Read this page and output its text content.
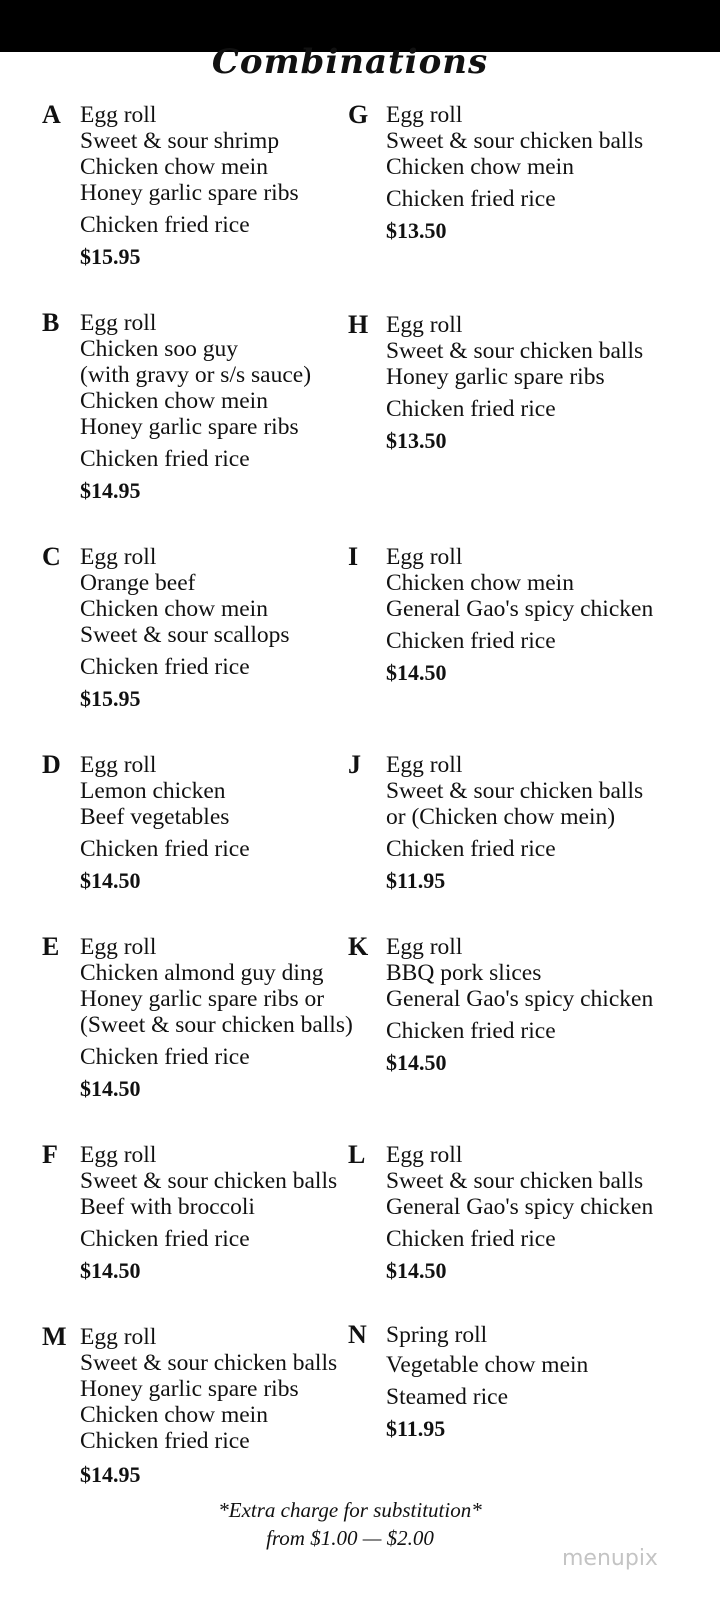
Combinations
A Egg roll
Sweet & sour shrimp
Chicken chow mein
Honey garlic spare ribs
Chicken fried rice
$15.95
B Egg roll
Chicken soo guy
(with gravy or s/s sauce)
Chicken chow mein
Honey garlic spare ribs
Chicken fried rice
$14.95
C Egg roll
Orange beef
Chicken chow mein
Sweet & sour scallops
Chicken fried rice
$15.95
D Egg roll
Lemon chicken
Beef vegetables
Chicken fried rice
$14.50
E Egg roll
Chicken almond guy ding
Honey garlic spare ribs or
(Sweet & sour chicken balls)
Chicken fried rice
$14.50
F Egg roll
Sweet & sour chicken balls
Beef with broccoli
Chicken fried rice
$14.50
M Egg roll
Sweet & sour chicken balls
Honey garlic spare ribs
Chicken chow mein
Chicken fried rice
$14.95
G Egg roll
Sweet & sour chicken balls
Chicken chow mein
Chicken fried rice
$13.50
H Egg roll
Sweet & sour chicken balls
Honey garlic spare ribs
Chicken fried rice
$13.50
I Egg roll
Chicken chow mein
General Gao's spicy chicken
Chicken fried rice
$14.50
J Egg roll
Sweet & sour chicken balls
or (Chicken chow mein)
Chicken fried rice
$11.95
K Egg roll
BBQ pork slices
General Gao's spicy chicken
Chicken fried rice
$14.50
L Egg roll
Sweet & sour chicken balls
General Gao's spicy chicken
Chicken fried rice
$14.50
N Spring roll
Vegetable chow mein
Steamed rice
$11.95
*Extra charge for substitution*
from $1.00 — $2.00
menupix
